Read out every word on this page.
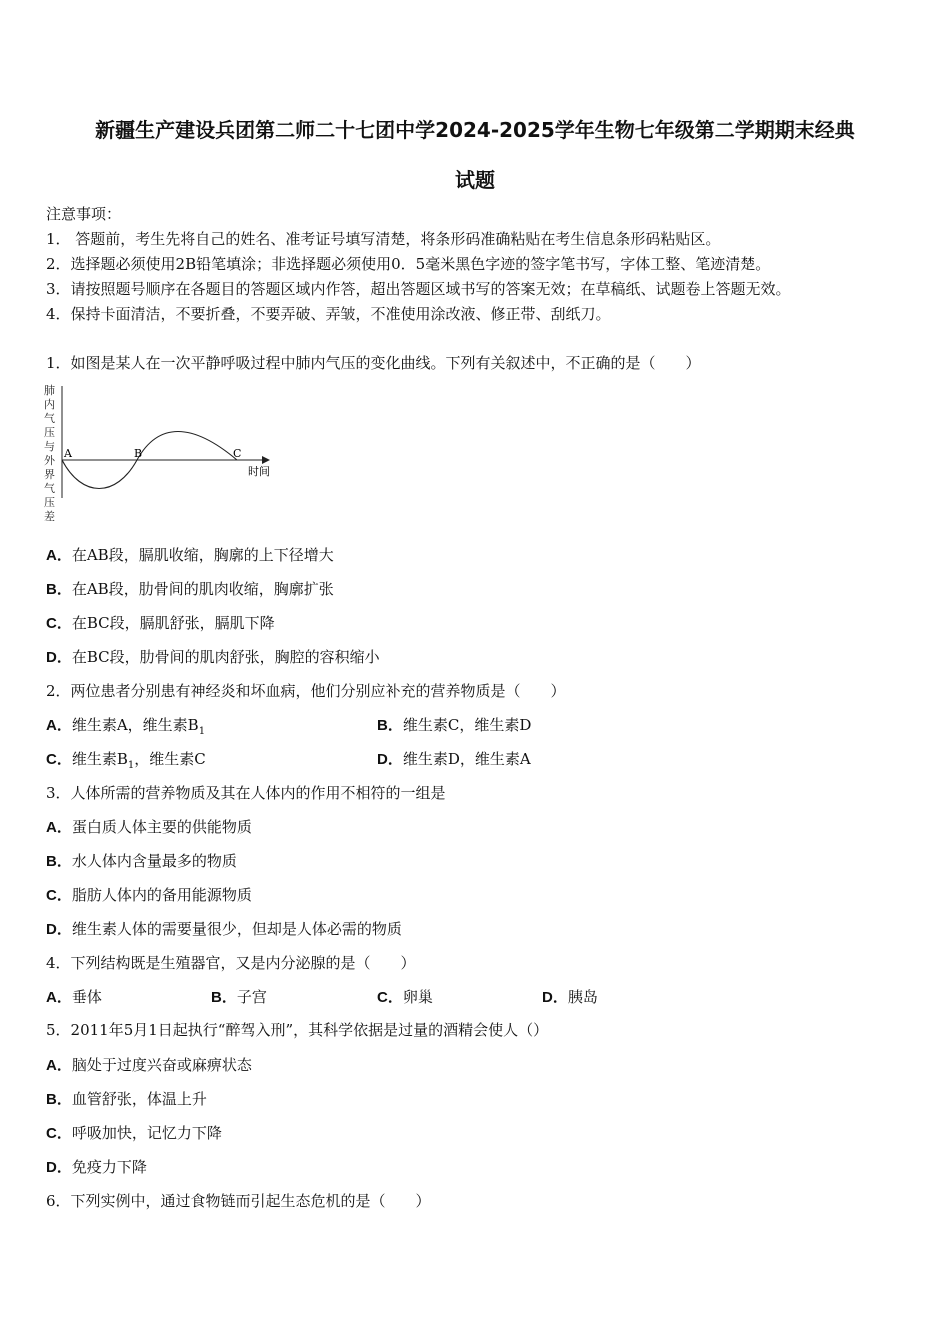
新疆生产建设兵团第二师二十七团中学2024-2025学年生物七年级第二学期期末经典
试题
注意事项：
1． 答题前，考生先将自己的姓名、准考证号填写清楚，将条形码准确粘贴在考生信息条形码粘贴区。
2．选择题必须使用2B铅笔填涂；非选择题必须使用0．5毫米黑色字迹的签字笔书写，字体工整、笔迹清楚。
3．请按照题号顺序在各题目的答题区域内作答，超出答题区域书写的答案无效；在草稿纸、试题卷上答题无效。
4．保持卡面清洁，不要折叠，不要弄破、弄皱，不准使用涂改液、修正带、刮纸刀。
1．如图是某人在一次平静呼吸过程中肺内气压的变化曲线。下列有关叙述中，不正确的是（　　）
肺
内
气
压
与
外
界
气
压
差
A	B	C
时间
A．在AB段，膈肌收缩，胸廓的上下径增大
B．在AB段，肋骨间的肌肉收缩，胸廓扩张
C．在BC段，膈肌舒张，膈肌下降
D．在BC段，肋骨间的肌肉舒张，胸腔的容积缩小
2．两位患者分别患有神经炎和坏血病，他们分别应补充的营养物质是（　　）
A．维生素A，维生素$B_1$	B．维生素C，维生素D
C．维生素$B_1$，维生素C	D．维生素D，维生素A
3．人体所需的营养物质及其在人体内的作用不相符的一组是
A．蛋白质人体主要的供能物质
B．水人体内含量最多的物质
C．脂肪人体内的备用能源物质
D．维生素人体的需要量很少，但却是人体必需的物质
4．下列结构既是生殖器官，又是内分泌腺的是（　　）
A．垂体	B．子宫	C．卵巢	D．胰岛
5．2011年5月1日起执行“醉驾入刑”，其科学依据是过量的酒精会使人（）
A．脑处于过度兴奋或麻痹状态
B．血管舒张，体温上升
C．呼吸加快，记忆力下降
D．免疫力下降
6．下列实例中，通过食物链而引起生态危机的是（　　）
